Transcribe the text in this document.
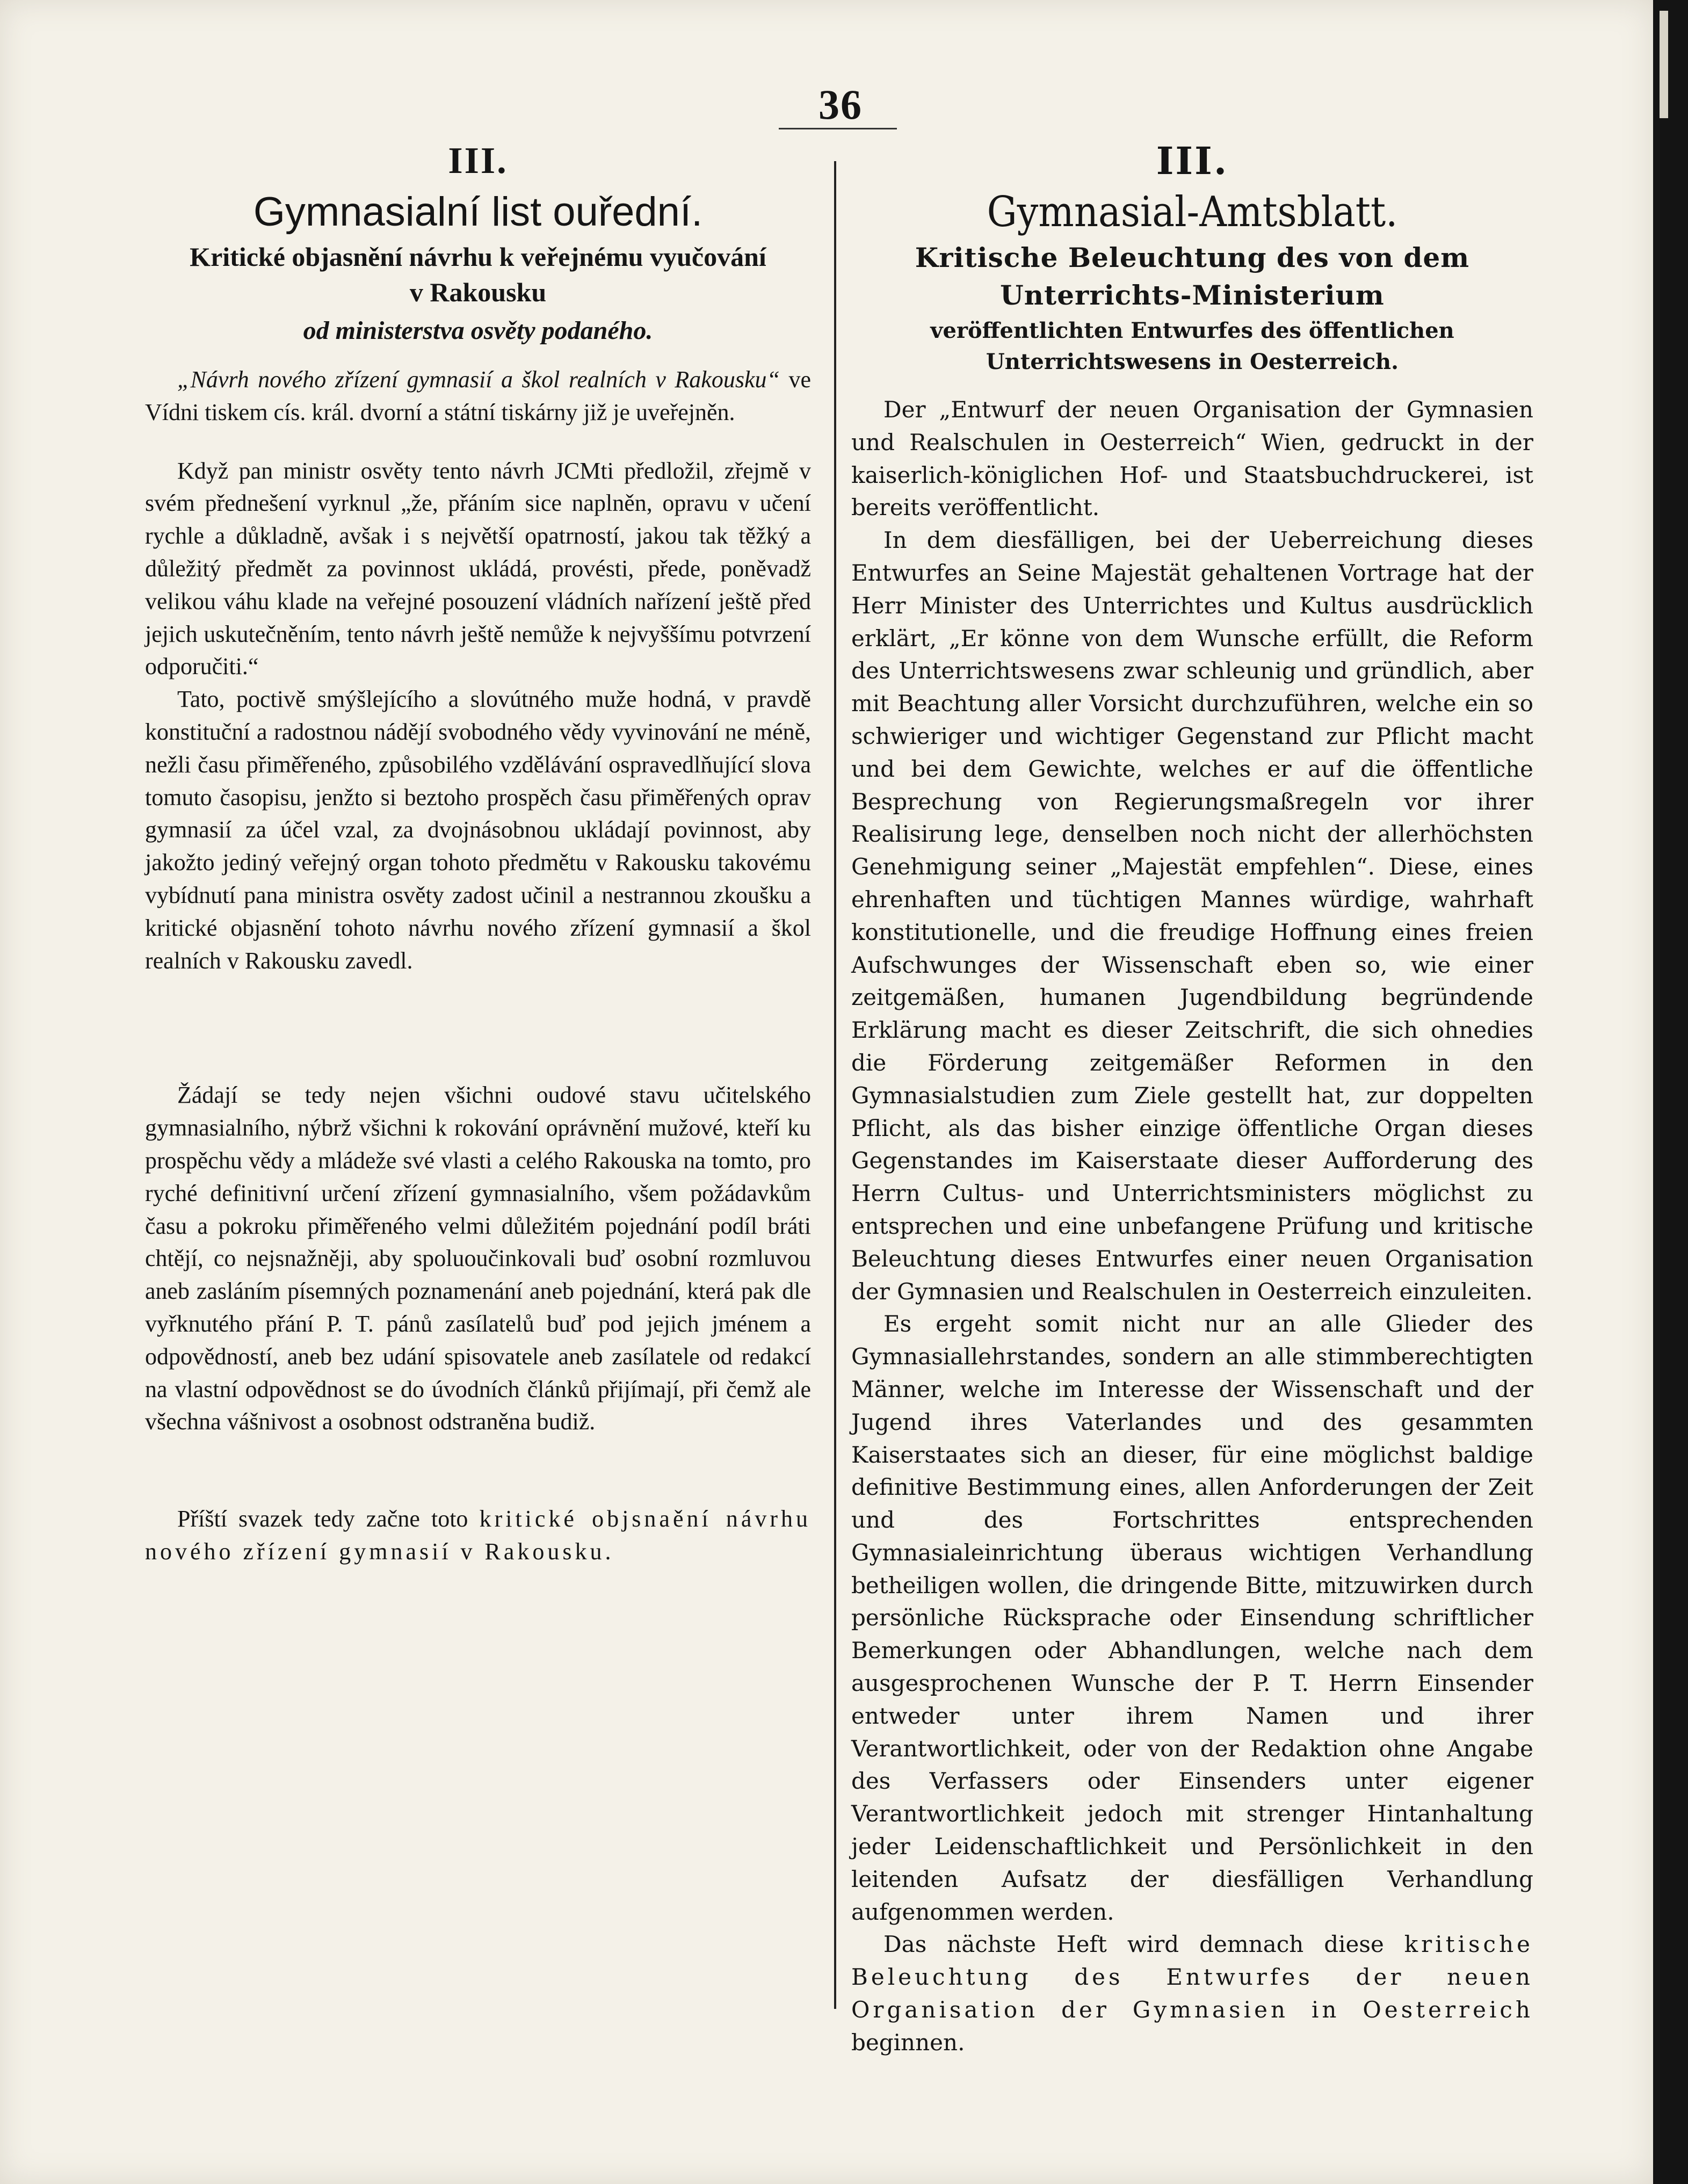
36

III.

Gymnasialní list ouřední.

Kritické objasnění návrhu k veřejnému vyučování

v Rakousku

od ministerstva osvěty podaného.

„Návrh nového zřízení gymnasií a škol realních v Rakousku“ ve Vídni tiskem cís. král. dvorní a státní tiskárny již je uveřejněn.

Když pan ministr osvěty tento návrh JCMti předložil, zřejmě v svém přednešení vyrknul „že, přáním sice naplněn, opravu v učení rychle a důkladně, avšak i s největší opatrností, jakou tak těžký a důležitý předmět za povinnost ukládá, provésti, přede, poněvadž velikou váhu klade na veřejné posouzení vládních nařízení ještě před jejich uskutečněním, tento návrh ještě nemůže k nejvyššímu potvrzení odporučiti.“

Tato, poctivě smýšlejícího a slovútného muže hodná, v pravdě konstituční a radostnou nádějí svobodného vědy vyvinování ne méně, nežli času přiměřeného, způsobilého vzdělávání ospravedlňující slova tomuto časopisu, jenžto si beztoho prospěch času přiměřených oprav gymnasií za účel vzal, za dvojnásobnou ukládají povinnost, aby jakožto jediný veřejný organ tohoto předmětu v Rakousku takovému vybídnutí pana ministra osvěty zadost učinil a nestrannou zkoušku a kritické objasnění tohoto návrhu nového zřízení gymnasií a škol realních v Rakousku zavedl.

Žádají se tedy nejen všichni oudové stavu učitelského gymnasialního, nýbrž všichni k rokování oprávnění mužové, kteří ku prospěchu vědy a mládeže své vlasti a celého Rakouska na tomto, pro ryché definitivní určení zřízení gymnasialního, všem požádavkům času a pokroku přiměřeného velmi důležitém pojednání podíl bráti chtějí, co nejsnažněji, aby spoluoučinkovali buď osobní rozmluvou aneb zasláním písemných poznamenání aneb pojednání, která pak dle vyřknutého přání P. T. pánů zasílatelů buď pod jejich jménem a odpovědností, aneb bez udání spisovatele aneb zasílatele od redakcí na vlastní odpovědnost se do úvodních článků přijímají, při čemž ale všechna vášnivost a osobnost odstraněna budiž.

Příští svazek tedy začne toto kritické objsnaění návrhu nového zřízení gymnasií v Rakousku.

III.

Gymnasial-Amtsblatt.

Kritische Beleuchtung des von dem

Unterrichts-Ministerium

veröffentlichten Entwurfes des öffentlichen Unterrichtswesens in Oesterreich.

Der „Entwurf der neuen Organisation der Gymnasien und Realschulen in Oesterreich“ Wien, gedruckt in der kaiserlich-königlichen Hof- und Staatsbuchdruckerei, ist bereits veröffentlicht.

In dem diesfälligen, bei der Ueberreichung dieses Entwurfes an Seine Majestät gehaltenen Vortrage hat der Herr Minister des Unterrichtes und Kultus ausdrücklich erklärt, „Er könne von dem Wunsche erfüllt, die Reform des Unterrichtswesens zwar schleunig und gründlich, aber mit Beachtung aller Vorsicht durchzuführen, welche ein so schwieriger und wichtiger Gegenstand zur Pflicht macht und bei dem Gewichte, welches er auf die öffentliche Besprechung von Regierungsmaßregeln vor ihrer Realisirung lege, denselben noch nicht der allerhöchsten Genehmigung seiner „Majestät empfehlen“. Diese, eines ehrenhaften und tüchtigen Mannes würdige, wahrhaft konstitutionelle, und die freudige Hoffnung eines freien Aufschwunges der Wissenschaft eben so, wie einer zeitgemäßen, humanen Jugendbildung begründende Erklärung macht es dieser Zeitschrift, die sich ohnedies die Förderung zeitgemäßer Reformen in den Gymnasialstudien zum Ziele gestellt hat, zur doppelten Pflicht, als das bisher einzige öffentliche Organ dieses Gegenstandes im Kaiserstaate dieser Aufforderung des Herrn Cultus- und Unterrichtsministers möglichst zu entsprechen und eine unbefangene Prüfung und kritische Beleuchtung dieses Entwurfes einer neuen Organisation der Gymnasien und Realschulen in Oesterreich einzuleiten.

Es ergeht somit nicht nur an alle Glieder des Gymnasiallehrstandes, sondern an alle stimmberechtigten Männer, welche im Interesse der Wissenschaft und der Jugend ihres Vaterlandes und des gesammten Kaiserstaates sich an dieser, für eine möglichst baldige definitive Bestimmung eines, allen Anforderungen der Zeit und des Fortschrittes entsprechenden Gymnasialeinrichtung überaus wichtigen Verhandlung betheiligen wollen, die dringende Bitte, mitzuwirken durch persönliche Rücksprache oder Einsendung schriftlicher Bemerkungen oder Abhandlungen, welche nach dem ausgesprochenen Wunsche der P. T. Herrn Einsender entweder unter ihrem Namen und ihrer Verantwortlichkeit, oder von der Redaktion ohne Angabe des Verfassers oder Einsenders unter eigener Verantwortlichkeit jedoch mit strenger Hintanhaltung jeder Leidenschaftlichkeit und Persönlichkeit in den leitenden Aufsatz der diesfälligen Verhandlung aufgenommen werden.

Das nächste Heft wird demnach diese kritische Beleuchtung des Entwurfes der neuen Organisation der Gymnasien in Oesterreich beginnen.
